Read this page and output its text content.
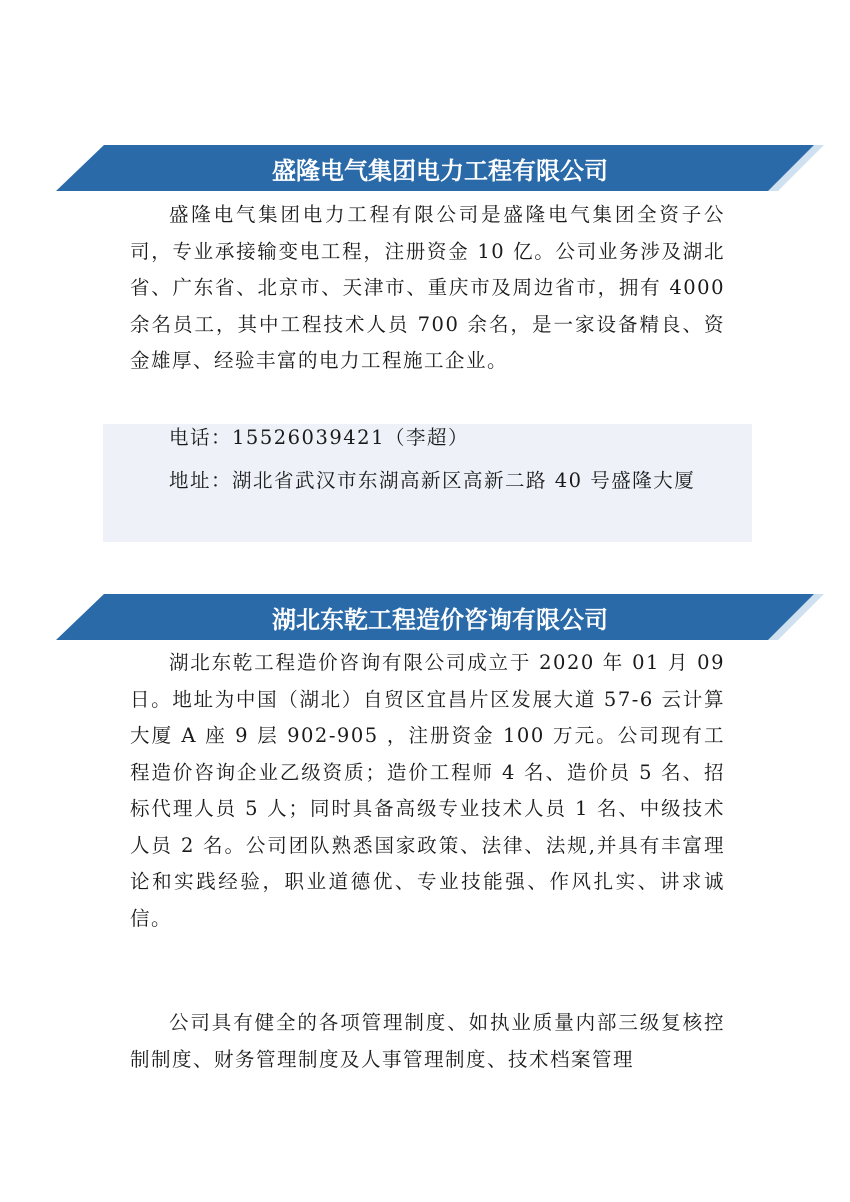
盛隆电气集团电力工程有限公司

盛隆电气集团电力工程有限公司是盛隆电气集团全资子公司，专业承接输变电工程，注册资金 10 亿。公司业务涉及湖北省、广东省、北京市、天津市、重庆市及周边省市，拥有 4000 余名员工，其中工程技术人员 700 余名，是一家设备精良、资金雄厚、经验丰富的电力工程施工企业。

电话：15526039421（李超）

地址：湖北省武汉市东湖高新区高新二路 40 号盛隆大厦

湖北东乾工程造价咨询有限公司

湖北东乾工程造价咨询有限公司成立于 2020 年 01 月 09 日。地址为中国（湖北）自贸区宜昌片区发展大道 57-6 云计算大厦 A 座 9 层 902-905 ，注册资金 100 万元。公司现有工程造价咨询企业乙级资质；造价工程师 4 名、造价员 5 名、招标代理人员 5 人；同时具备高级专业技术人员 1 名、中级技术人员 2 名。公司团队熟悉国家政策、法律、法规,并具有丰富理论和实践经验，职业道德优、专业技能强、作风扎实、讲求诚信。

公司具有健全的各项管理制度、如执业质量内部三级复核控制制度、财务管理制度及人事管理制度、技术档案管理
